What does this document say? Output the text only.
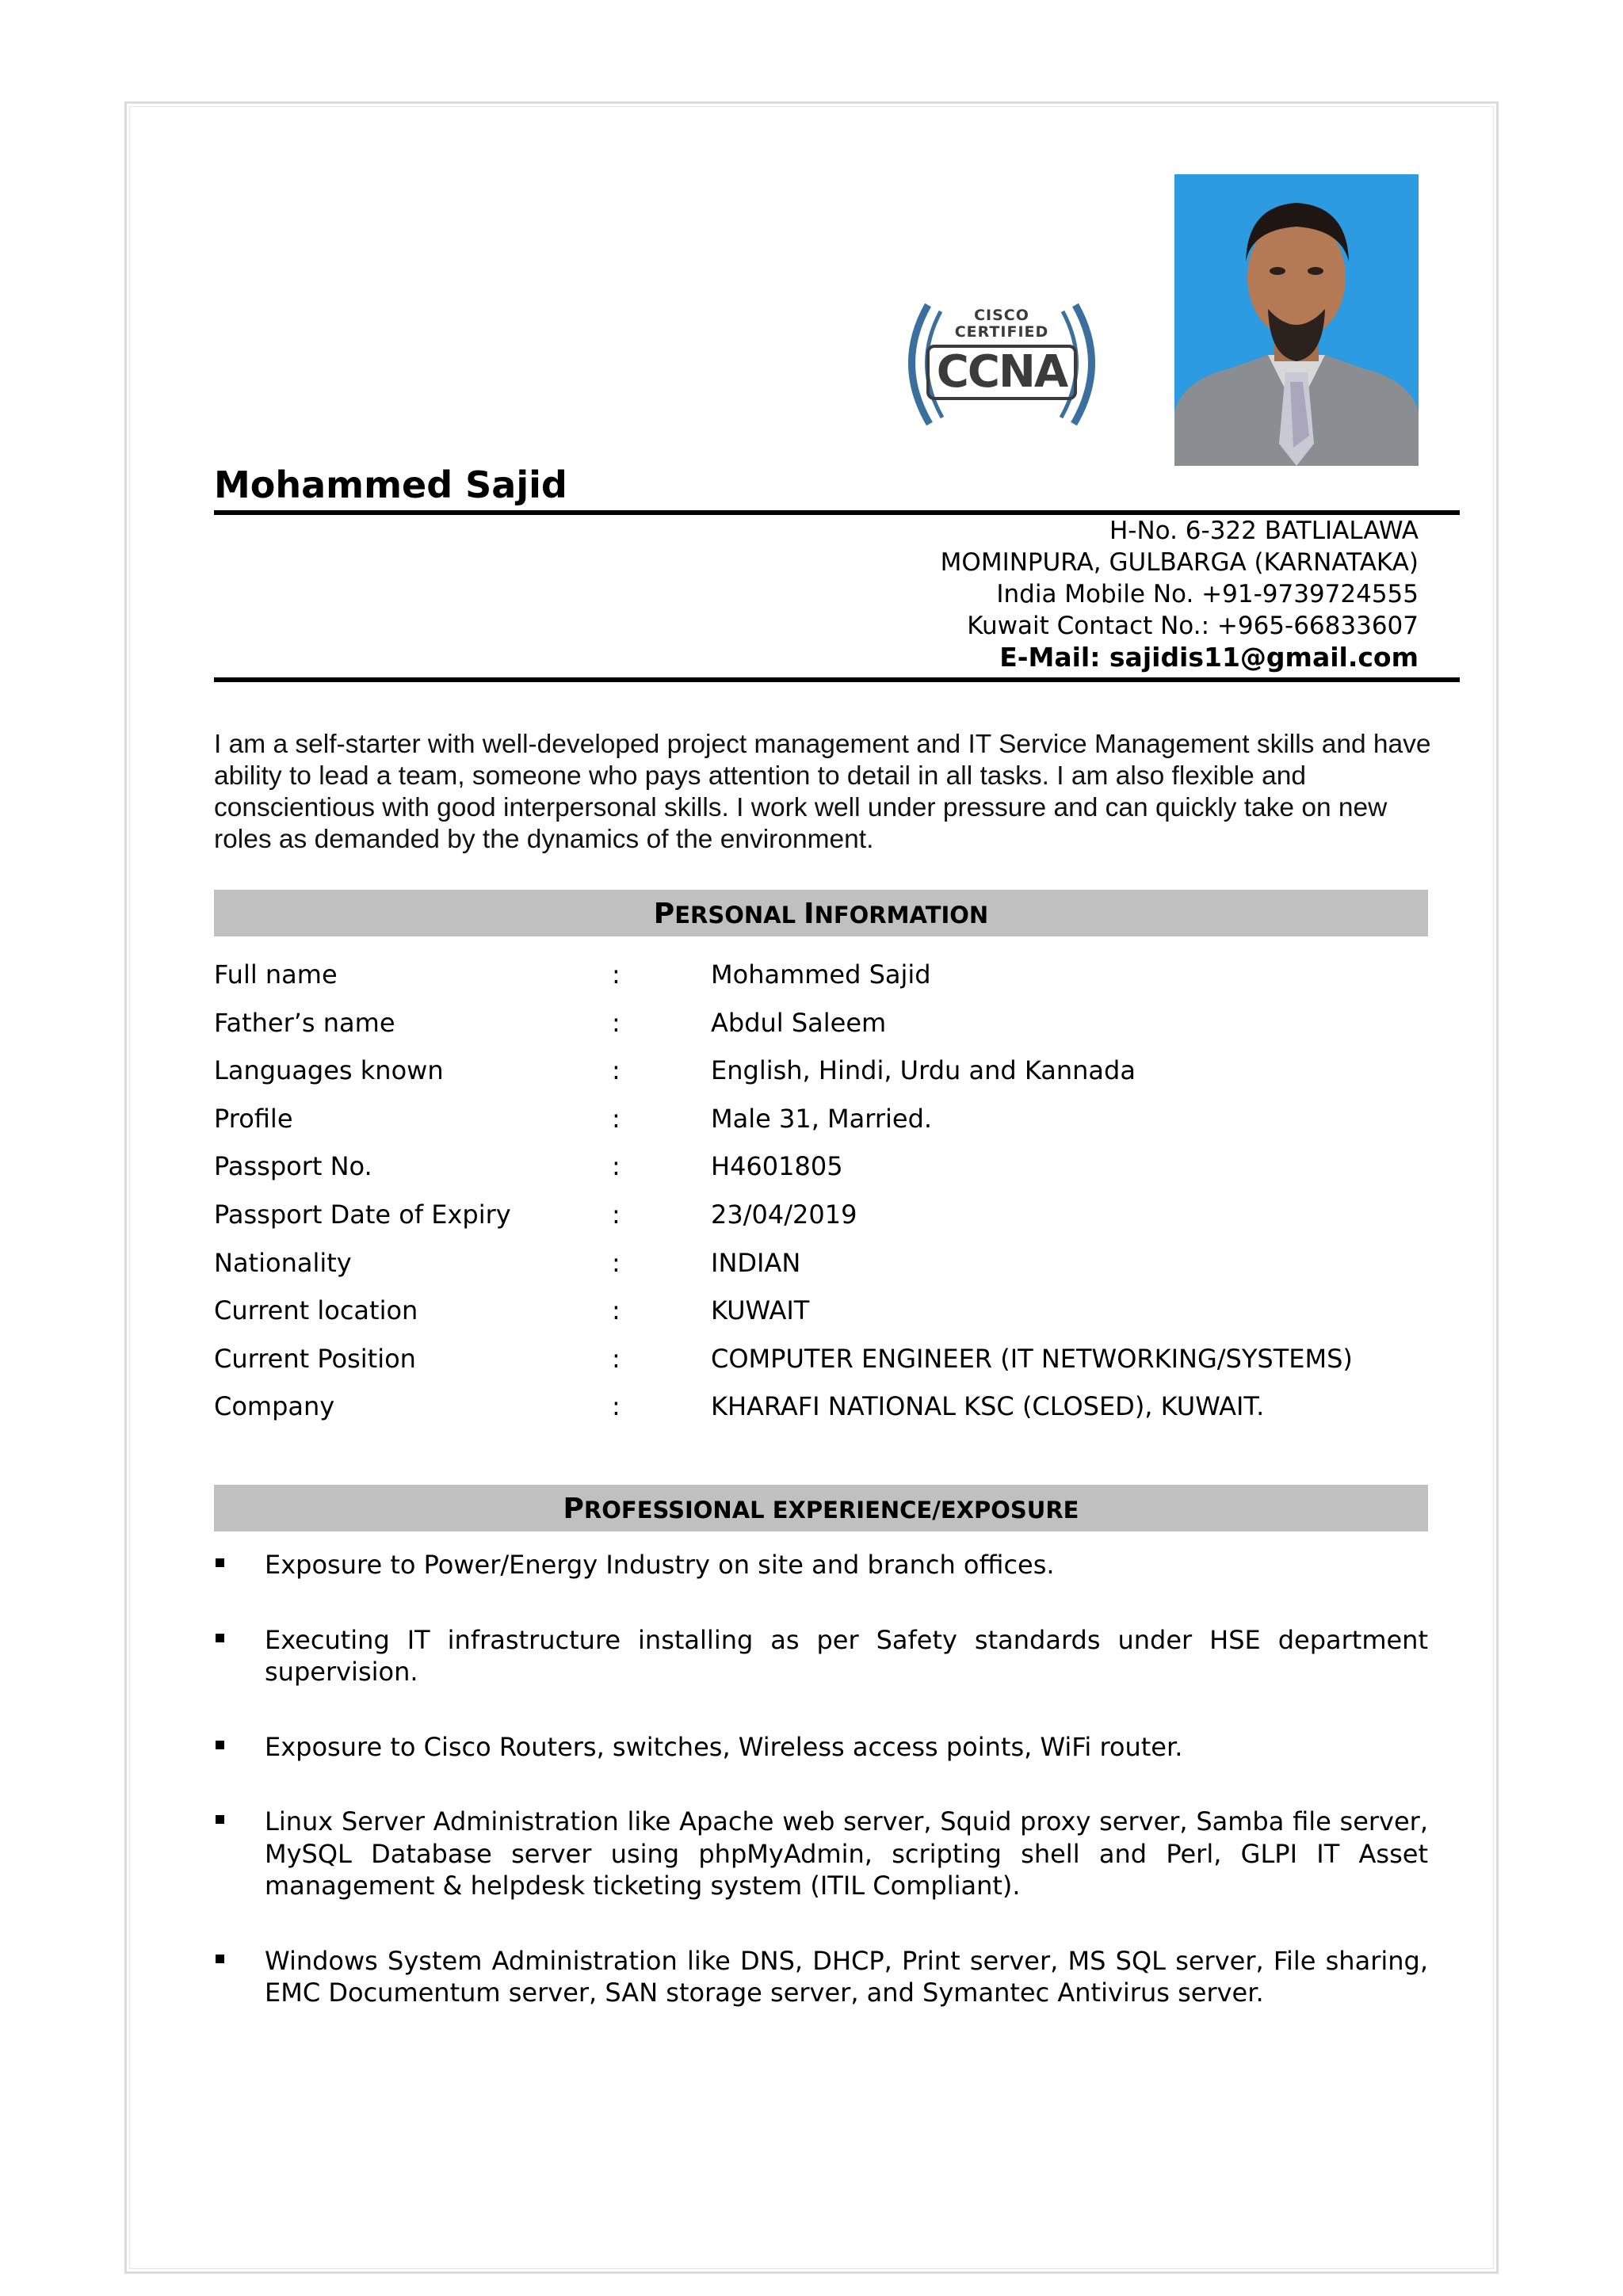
CISCO
CERTIFIED
CCNA
Mohammed Sajid
H-No. 6-322 BATLIALAWA
MOMINPURA, GULBARGA (KARNATAKA)
India Mobile No. +91-9739724555
Kuwait Contact No.: +965-66833607
E-Mail: sajidis11@gmail.com
I am a self-starter with well-developed project management and IT Service Management skills and have ability to lead a team, someone who pays attention to detail in all tasks. I am also flexible and conscientious with good interpersonal skills. I work well under pressure and can quickly take on new roles as demanded by the dynamics of the environment.
PERSONAL INFORMATION
Full name	:	Mohammed Sajid
Father’s name	:	Abdul Saleem
Languages known	:	English, Hindi, Urdu and Kannada
Profile	:	Male 31, Married.
Passport No.	:	H4601805
Passport Date of Expiry	:	23/04/2019
Nationality	:	INDIAN
Current location	:	KUWAIT
Current Position	:	COMPUTER ENGINEER (IT NETWORKING/SYSTEMS)
Company	:	KHARAFI NATIONAL KSC (CLOSED), KUWAIT.
PROFESSIONAL EXPERIENCE/EXPOSURE
Exposure to Power/Energy Industry on site and branch offices.
Executing IT infrastructure installing as per Safety standards under HSE department supervision.
Exposure to Cisco Routers, switches, Wireless access points, WiFi router.
Linux Server Administration like Apache web server, Squid proxy server, Samba file server, MySQL Database server using phpMyAdmin, scripting shell and Perl, GLPI IT Asset management & helpdesk ticketing system (ITIL Compliant).
Windows System Administration like DNS, DHCP, Print server, MS SQL server, File sharing, EMC Documentum server, SAN storage server, and Symantec Antivirus server.
